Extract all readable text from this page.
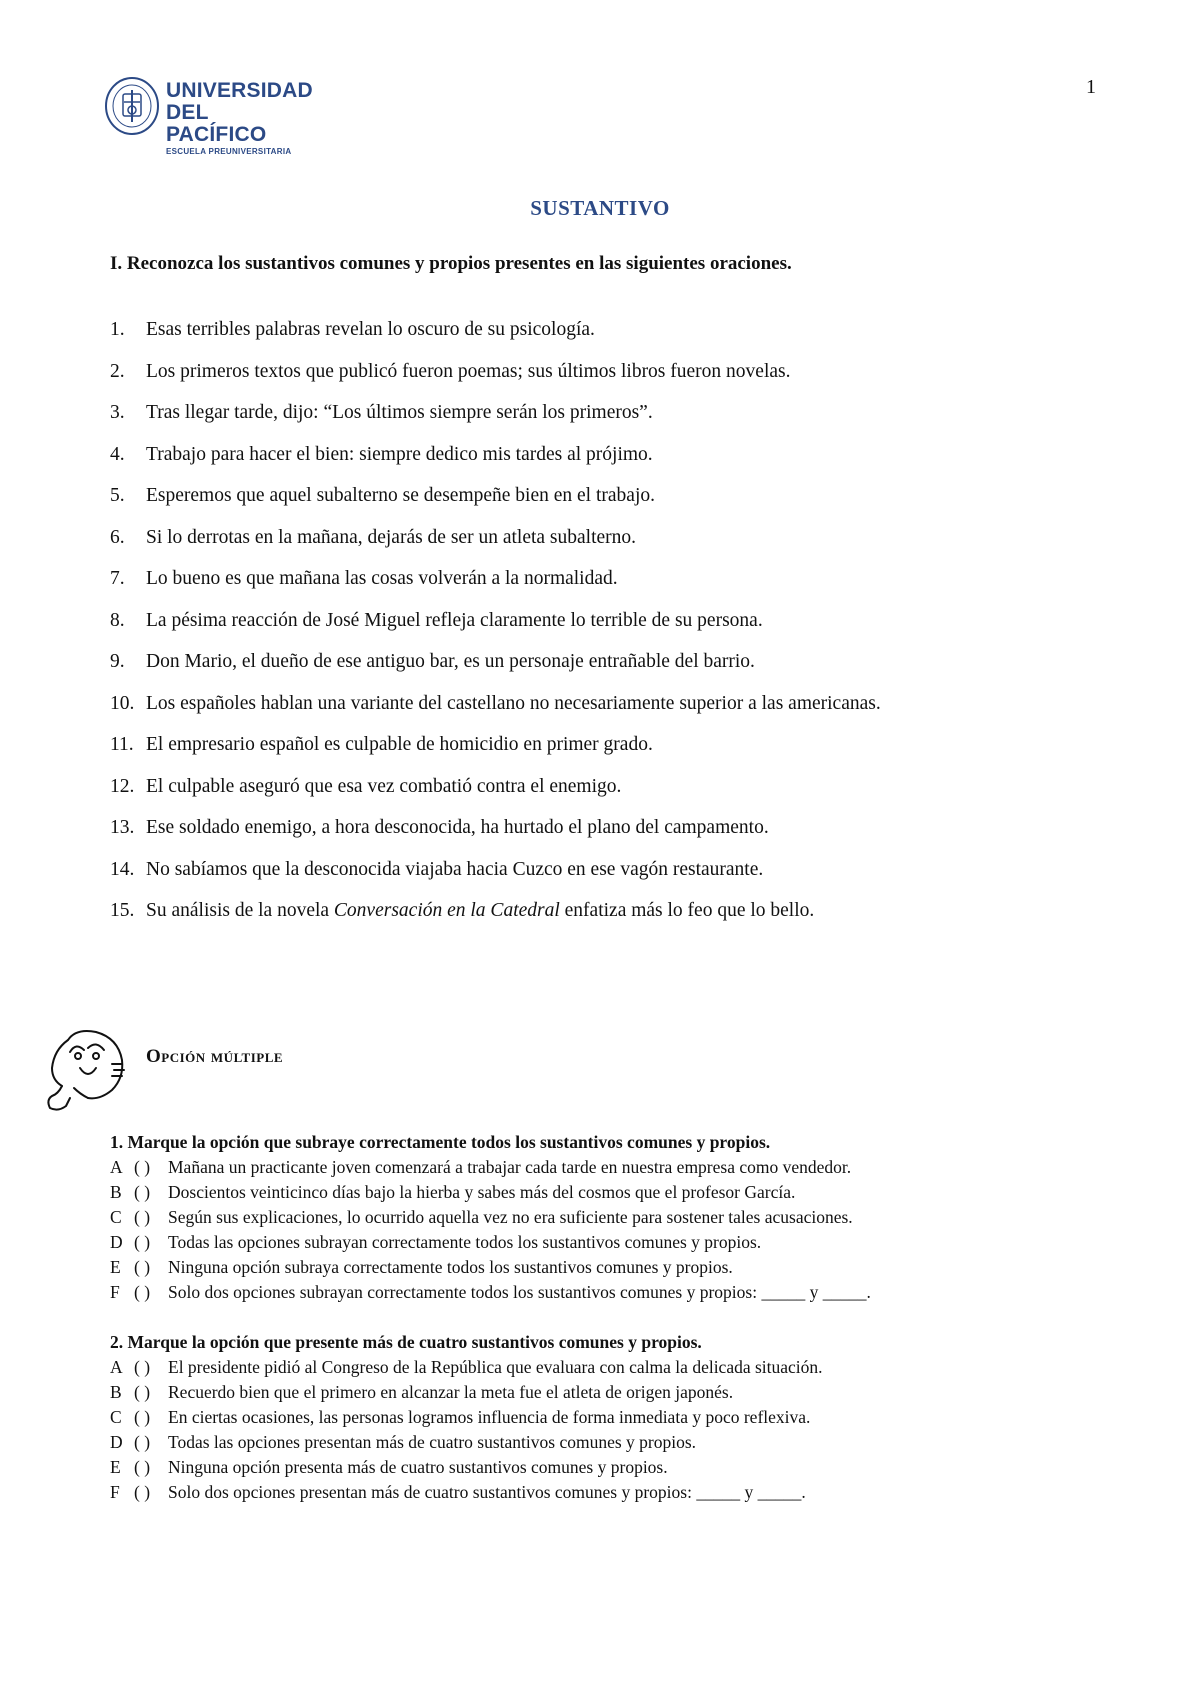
UNIVERSIDAD
DEL PACÍFICO
ESCUELA PREUNIVERSITARIA
1
SUSTANTIVO
I. Reconozca los sustantivos comunes y propios presentes en las siguientes oraciones.
1. Esas terribles palabras revelan lo oscuro de su psicología.
2. Los primeros textos que publicó fueron poemas; sus últimos libros fueron novelas.
3. Tras llegar tarde, dijo: “Los últimos siempre serán los primeros”.
4. Trabajo para hacer el bien: siempre dedico mis tardes al prójimo.
5. Esperemos que aquel subalterno se desempeñe bien en el trabajo.
6. Si lo derrotas en la mañana, dejarás de ser un atleta subalterno.
7. Lo bueno es que mañana las cosas volverán a la normalidad.
8. La pésima reacción de José Miguel refleja claramente lo terrible de su persona.
9. Don Mario, el dueño de ese antiguo bar, es un personaje entrañable del barrio.
10. Los españoles hablan una variante del castellano no necesariamente superior a las americanas.
11. El empresario español es culpable de homicidio en primer grado.
12. El culpable aseguró que esa vez combatió contra el enemigo.
13. Ese soldado enemigo, a hora desconocida, ha hurtado el plano del campamento.
14. No sabíamos que la desconocida viajaba hacia Cuzco en ese vagón restaurante.
15. Su análisis de la novela Conversación en la Catedral enfatiza más lo feo que lo bello.
Opción múltiple
1. Marque la opción que subraye correctamente todos los sustantivos comunes y propios.
A ( ) Mañana un practicante joven comenzará a trabajar cada tarde en nuestra empresa como vendedor.
B ( ) Doscientos veinticinco días bajo la hierba y sabes más del cosmos que el profesor García.
C ( ) Según sus explicaciones, lo ocurrido aquella vez no era suficiente para sostener tales acusaciones.
D ( ) Todas las opciones subrayan correctamente todos los sustantivos comunes y propios.
E ( ) Ninguna opción subraya correctamente todos los sustantivos comunes y propios.
F ( ) Solo dos opciones subrayan correctamente todos los sustantivos comunes y propios: _____ y _____.
2. Marque la opción que presente más de cuatro sustantivos comunes y propios.
A ( ) El presidente pidió al Congreso de la República que evaluara con calma la delicada situación.
B ( ) Recuerdo bien que el primero en alcanzar la meta fue el atleta de origen japonés.
C ( ) En ciertas ocasiones, las personas logramos influencia de forma inmediata y poco reflexiva.
D ( ) Todas las opciones presentan más de cuatro sustantivos comunes y propios.
E ( ) Ninguna opción presenta más de cuatro sustantivos comunes y propios.
F ( ) Solo dos opciones presentan más de cuatro sustantivos comunes y propios: _____ y _____.
